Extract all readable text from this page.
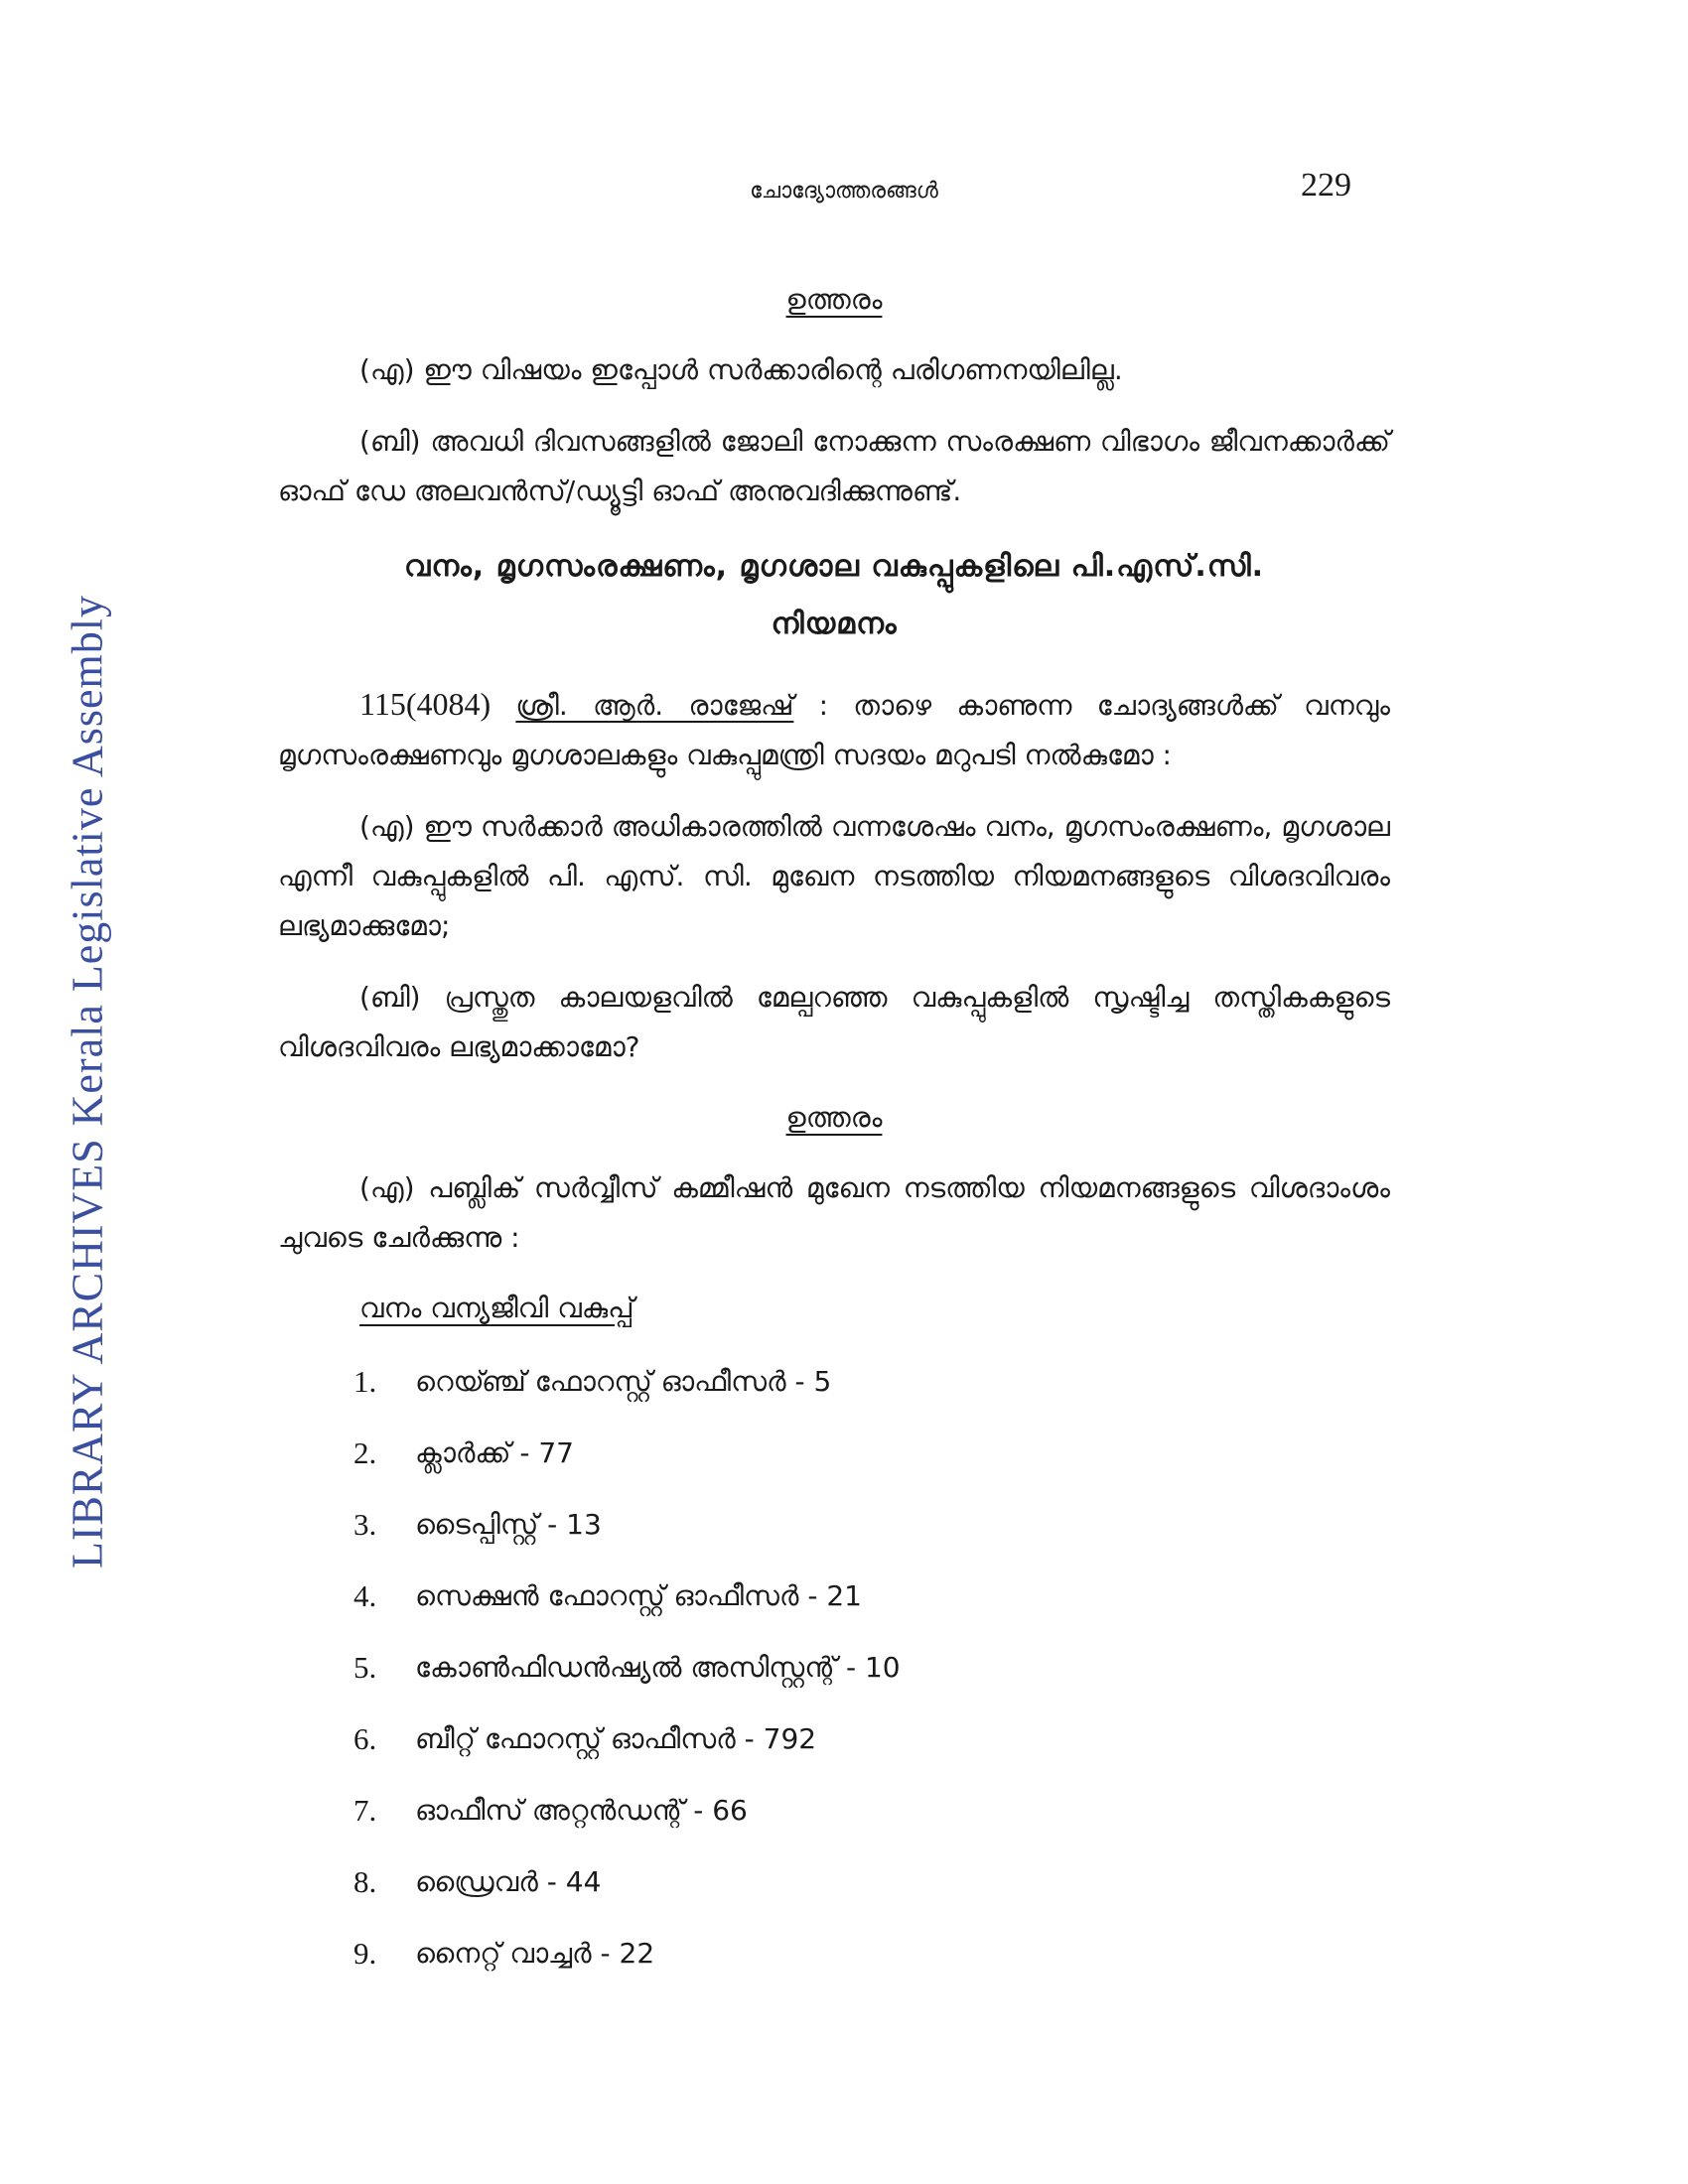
LIBRARY ARCHIVES Kerala Legislative Assembly
ചോദ്യോത്തരങ്ങൾ	229
ഉത്തരം

(എ) ഈ വിഷയം ഇപ്പോൾ സർക്കാരിന്റെ പരിഗണനയിലില്ല.

(ബി) അവധി ദിവസങ്ങളിൽ ജോലി നോക്കുന്ന സംരക്ഷണ വിഭാഗം ജീവനക്കാർക്ക് ഓഫ് ഡേ അലവൻസ്/ഡ്യൂട്ടി ഓഫ് അനുവദിക്കുന്നുണ്ട്.

വനം, മൃഗസംരക്ഷണം, മൃഗശാല വകുപ്പുകളിലെ പി.എസ്.സി.
നിയമനം

115(4084) ശ്രീ. ആർ. രാജേഷ് : താഴെ കാണുന്ന ചോദ്യങ്ങൾക്ക് വനവും മൃഗസംരക്ഷണവും മൃഗശാലകളും വകുപ്പുമന്ത്രി സദയം മറുപടി നൽകുമോ :

(എ) ഈ സർക്കാർ അധികാരത്തിൽ വന്നശേഷം വനം, മൃഗസംരക്ഷണം, മൃഗശാല എന്നീ വകുപ്പുകളിൽ പി. എസ്. സി. മുഖേന നടത്തിയ നിയമനങ്ങളുടെ വിശദവിവരം ലഭ്യമാക്കുമോ;

(ബി) പ്രസ്തുത കാലയളവിൽ മേല്പറഞ്ഞ വകുപ്പുകളിൽ സൃഷ്ടിച്ച തസ്തികകളുടെ വിശദവിവരം ലഭ്യമാക്കാമോ?

ഉത്തരം

(എ) പബ്ലിക് സർവ്വീസ് കമ്മീഷൻ മുഖേന നടത്തിയ നിയമനങ്ങളുടെ വിശദാംശം ചുവടെ ചേർക്കുന്നു :

വനം വന്യജീവി വകുപ്പ്
1.	റെയ്ഞ്ച് ഫോറസ്റ്റ് ഓഫീസർ - 5
2.	ക്ലാർക്ക് - 77
3.	ടൈപ്പിസ്റ്റ് - 13
4.	സെക്ഷൻ ഫോറസ്റ്റ് ഓഫീസർ - 21
5.	കോൺഫിഡൻഷ്യൽ അസിസ്റ്റന്റ് - 10
6.	ബീറ്റ് ഫോറസ്റ്റ് ഓഫീസർ - 792
7.	ഓഫീസ് അറ്റൻഡന്റ് - 66
8.	ഡ്രൈവർ - 44
9.	നൈറ്റ് വാച്ചർ - 22
